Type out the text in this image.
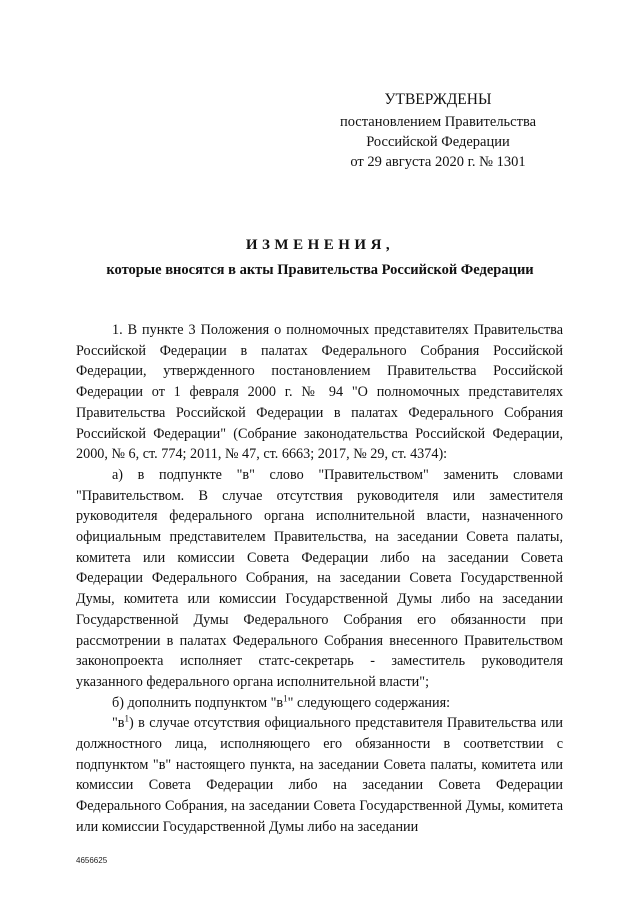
УТВЕРЖДЕНЫ
постановлением Правительства
Российской Федерации
от 29 августа 2020 г. № 1301
ИЗМЕНЕНИЯ,
которые вносятся в акты Правительства Российской Федерации

1. В пункте 3 Положения о полномочных представителях Правительства Российской Федерации в палатах Федерального Собрания Российской Федерации, утвержденного постановлением Правительства Российской Федерации от 1 февраля 2000 г. № 94 "О полномочных представителях Правительства Российской Федерации в палатах Федерального Собрания Российской Федерации" (Собрание законодательства Российской Федерации, 2000, № 6, ст. 774; 2011, № 47, ст. 6663; 2017, № 29, ст. 4374):

а) в подпункте "в" слово "Правительством" заменить словами "Правительством. В случае отсутствия руководителя или заместителя руководителя федерального органа исполнительной власти, назначенного официальным представителем Правительства, на заседании Совета палаты, комитета или комиссии Совета Федерации либо на заседании Совета Федерации Федерального Собрания, на заседании Совета Государственной Думы, комитета или комиссии Государственной Думы либо на заседании Государственной Думы Федерального Собрания его обязанности при рассмотрении в палатах Федерального Собрания внесенного Правительством законопроекта исполняет статс-секретарь - заместитель руководителя указанного федерального органа исполнительной власти";

б) дополнить подпунктом "$в^1$" следующего содержания:

"$в^1$) в случае отсутствия официального представителя Правительства или должностного лица, исполняющего его обязанности в соответствии с подпунктом "в" настоящего пункта, на заседании Совета палаты, комитета или комиссии Совета Федерации либо на заседании Совета Федерации Федерального Собрания, на заседании Совета Государственной Думы, комитета или комиссии Государственной Думы либо на заседании

4656625
